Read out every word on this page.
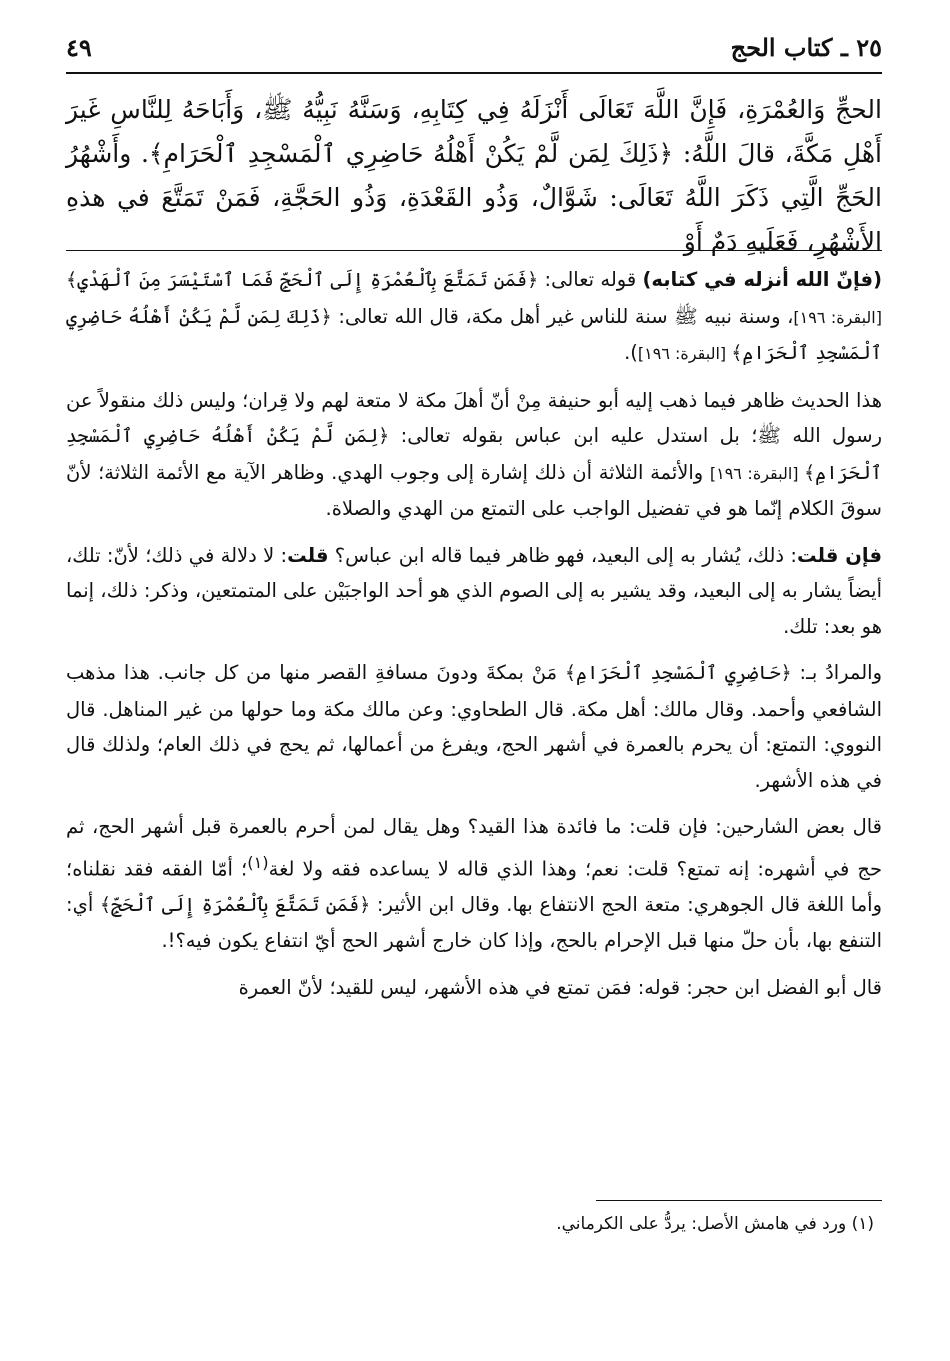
٢٥ ـ كتاب الحج
٤٩

الحجِّ وَالعُمْرَةِ، فَإِنَّ اللَّهَ تَعَالَى أَنْزَلَهُ فِي كِتَابِهِ، وَسَنَّهُ نَبِيُّهُ ﷺ، وَأَبَاحَهُ لِلنَّاسِ غَيرَ أَهْلِ مَكَّةَ، قالَ اللَّهُ: ﴿ذَلِكَ لِمَن لَّمْ يَكُنْ أَهْلُهُ حَاضِرِي ٱلْمَسْجِدِ ٱلْحَرَامِ﴾. وأَشْهُرُ الحَجِّ الَّتِي ذَكَرَ اللَّهُ تَعَالَى: شَوَّالٌ، وَذُو القَعْدَةِ، وَذُو الحَجَّةِ، فَمَنْ تَمَتَّعَ في هذهِ الأَشْهُرِ، فَعَلَيهِ دَمٌ أَوْ

(فإنّ الله أنزله في كتابه) قوله تعالى: ﴿فَمَن تَمَتَّعَ بِٱلْعُمْرَةِ إِلَى ٱلْحَجِّ فَمَا ٱسْتَيْسَرَ مِنَ ٱلْهَدْيِ﴾ [البقرة: ١٩٦]، وسنة نبيه ﷺ سنة للناس غير أهل مكة، قال الله تعالى: ﴿ذَلِكَ لِمَن لَّمْ يَكُنْ أَهْلُهُ حَاضِرِي ٱلْمَسْجِدِ ٱلْحَرَامِ﴾ [البقرة: ١٩٦]).

هذا الحديث ظاهر فيما ذهب إليه أبو حنيفة مِنْ أنّ أهلَ مكة لا متعة لهم ولا قِران؛ وليس ذلك منقولاً عن رسول الله ﷺ؛ بل استدل عليه ابن عباس بقوله تعالى: ﴿لِمَن لَّمْ يَكُنْ أَهْلُهُ حَاضِرِي ٱلْمَسْجِدِ ٱلْحَرَامِ﴾ [البقرة: ١٩٦] والأئمة الثلاثة أن ذلك إشارة إلى وجوب الهدي. وظاهر الآية مع الأئمة الثلاثة؛ لأنّ سوقَ الكلام إنّما هو في تفضيل الواجب على التمتع من الهدي والصلاة.

فإن قلت: ذلك، يُشار به إلى البعيد، فهو ظاهر فيما قاله ابن عباس؟ قلت: لا دلالة في ذلك؛ لأنّ: تلك، أيضاً يشار به إلى البعيد، وقد يشير به إلى الصوم الذي هو أحد الواجبَيْن على المتمتعين، وذكر: ذلك، إنما هو بعد: تلك.

والمرادُ بـ: ﴿حَاضِرِي ٱلْمَسْجِدِ ٱلْحَرَامِ﴾ مَنْ بمكةَ ودونَ مسافةِ القصر منها من كل جانب. هذا مذهب الشافعي وأحمد. وقال مالك: أهل مكة. قال الطحاوي: وعن مالك مكة وما حولها من غير المناهل. قال النووي: التمتع: أن يحرم بالعمرة في أشهر الحج، ويفرغ من أعمالها، ثم يحج في ذلك العام؛ ولذلك قال في هذه الأشهر.

قال بعض الشارحين: فإن قلت: ما فائدة هذا القيد؟ وهل يقال لمن أحرم بالعمرة قبل أشهر الحج، ثم حج في أشهره: إنه تمتع؟ قلت: نعم؛ وهذا الذي قاله لا يساعده فقه ولا لغة$^{(١)}$؛ أمّا الفقه فقد نقلناه؛ وأما اللغة قال الجوهري: متعة الحج الانتفاع بها. وقال ابن الأثير: ﴿فَمَن تَمَتَّعَ بِٱلْعُمْرَةِ إِلَى ٱلْحَجِّ﴾ أي: التنفع بها، بأن حلّ منها قبل الإحرام بالحج، وإذا كان خارج أشهر الحج أيّ انتفاع يكون فيه؟!.

قال أبو الفضل ابن حجر: قوله: فمَن تمتع في هذه الأشهر، ليس للقيد؛ لأنّ العمرة

(١) ورد في هامش الأصل: يردُّ على الكرماني.
